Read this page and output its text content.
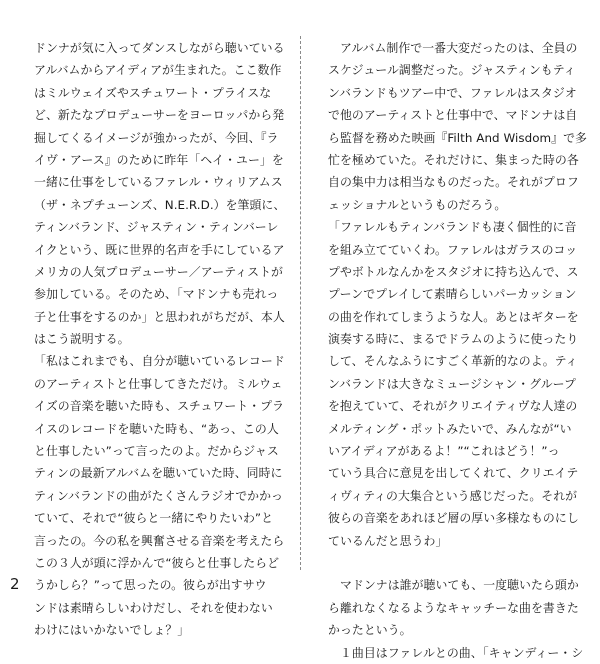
ドンナが気に入ってダンスしながら聴いている
アルバムからアイディアが生まれた。ここ数作
はミルウェイズやスチュワート・プライスな
ど、新たなプロデューサーをヨーロッパから発
掘してくるイメージが強かったが、今回、『ラ
イヴ・アース』のために昨年「ヘイ・ユー」を
一緒に仕事をしているファレル・ウィリアムス
（ザ・ネプチューンズ、N.E.R.D.）を筆頭に、
ティンバランド、ジャスティン・ティンバーレ
イクという、既に世界的名声を手にしているア
メリカの人気プロデューサー／アーティストが
参加している。そのため、「マドンナも売れっ
子と仕事をするのか」と思われがちだが、本人
はこう説明する。
「私はこれまでも、自分が聴いているレコード
のアーティストと仕事してきただけ。ミルウェ
イズの音楽を聴いた時も、スチュワート・プラ
イスのレコードを聴いた時も、“あっ、この人
と仕事したい”って言ったのよ。だからジャス
ティンの最新アルバムを聴いていた時、同時に
ティンバランドの曲がたくさんラジオでかかっ
ていて、それで“彼らと一緒にやりたいわ”と
言ったの。今の私を興奮させる音楽を考えたら
この３人が頭に浮かんで“彼らと仕事したらど
うかしら？”って思ったの。彼らが出すサウ
ンドは素晴らしいわけだし、それを使わない
わけにはいかないでしょ？」
　アルバム制作で一番大変だったのは、全員の
スケジュール調整だった。ジャスティンもティ
ンバランドもツアー中で、ファレルはスタジオ
で他のアーティストと仕事中で、マドンナは自
ら監督を務めた映画『Filth And Wisdom』で多
忙を極めていた。それだけに、集まった時の各
自の集中力は相当なものだった。それがプロフ
ェッショナルというものだろう。
「ファレルもティンバランドも凄く個性的に音
を組み立てていくわ。ファレルはガラスのコッ
プやボトルなんかをスタジオに持ち込んで、ス
プーンでプレイして素晴らしいパーカッション
の曲を作れてしまうような人。あとはギターを
演奏する時に、まるでドラムのように使ったり
して、そんなふうにすごく革新的なのよ。ティ
ンバランドは大きなミュージシャン・グループ
を抱えていて、それがクリエイティヴな人達の
メルティング・ポットみたいで、みんなが“い
いアイディアがあるよ！”“これはどう！”っ
ていう具合に意見を出してくれて、クリエイテ
ィヴィティの大集合という感じだった。それが
彼らの音楽をあれほど層の厚い多様なものにし
ているんだと思うわ」
　マドンナは誰が聴いても、一度聴いたら頭か
ら離れなくなるようなキャッチーな曲を書きた
かったという。
　１曲目はファレルとの曲、「キャンディー・シ
2
